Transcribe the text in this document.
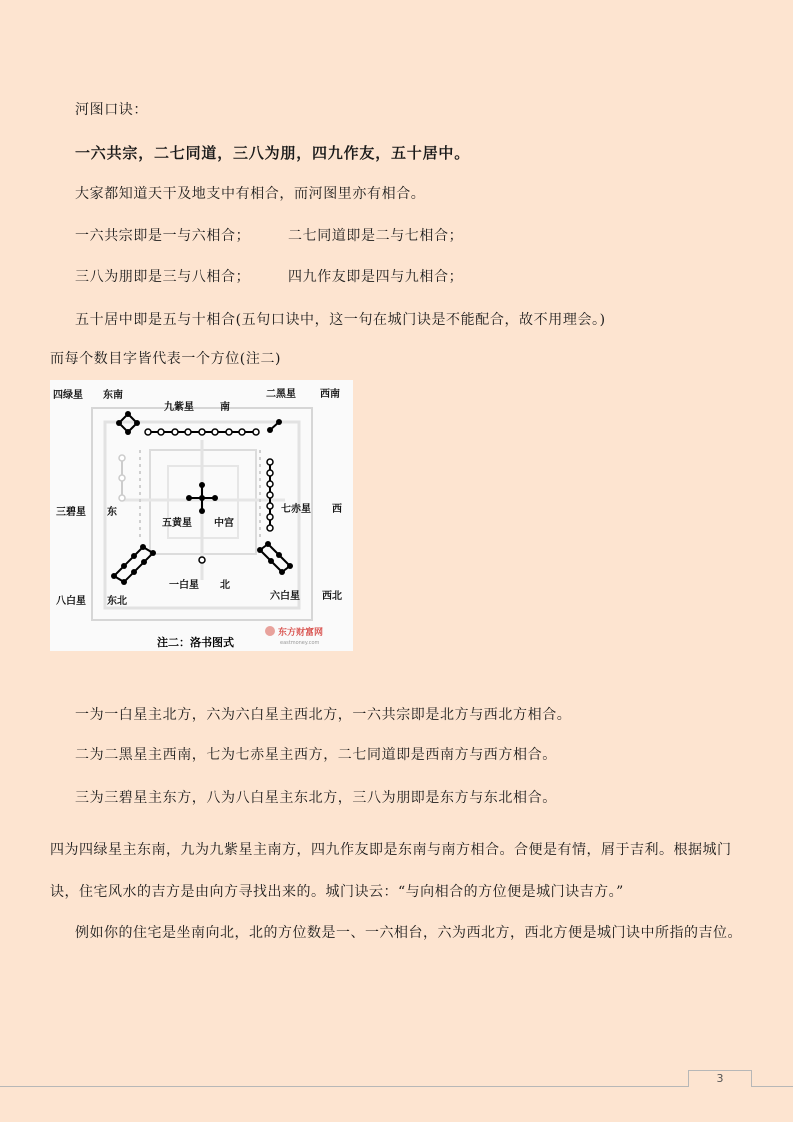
河图口诀：
一六共宗，二七同道，三八为朋，四九作友，五十居中。
大家都知道天干及地支中有相合，而河图里亦有相合。
一六共宗即是一与六相合；	二七同道即是二与七相合；
三八为朋即是三与八相合；	四九作友即是四与九相合；
五十居中即是五与十相合(五句口诀中，这一句在城门诀是不能配合，故不用理会。)
而每个数目字皆代表一个方位(注二)
四绿星 东南
九紫星	南
二黑星 西南
三碧星 东
五黄星 中宫
七赤星 西
八白星 东北
一白星 北
六白星 西北
注二：洛书图式
东方财富网
eastmoney.com
一为一白星主北方，六为六白星主西北方，一六共宗即是北方与西北方相合。
二为二黑星主西南，七为七赤星主西方，二七同道即是西南方与西方相合。
三为三碧星主东方，八为八白星主东北方，三八为朋即是东方与东北相合。
四为四绿星主东南，九为九紫星主南方，四九作友即是东南与南方相合。合便是有情，屑于吉利。根据城门诀，住宅风水的吉方是由向方寻找出来的。城门诀云：“与向相合的方位便是城门诀吉方。”
例如你的住宅是坐南向北，北的方位数是一、一六相台，六为西北方，西北方便是城门诀中所指的吉位。
3
